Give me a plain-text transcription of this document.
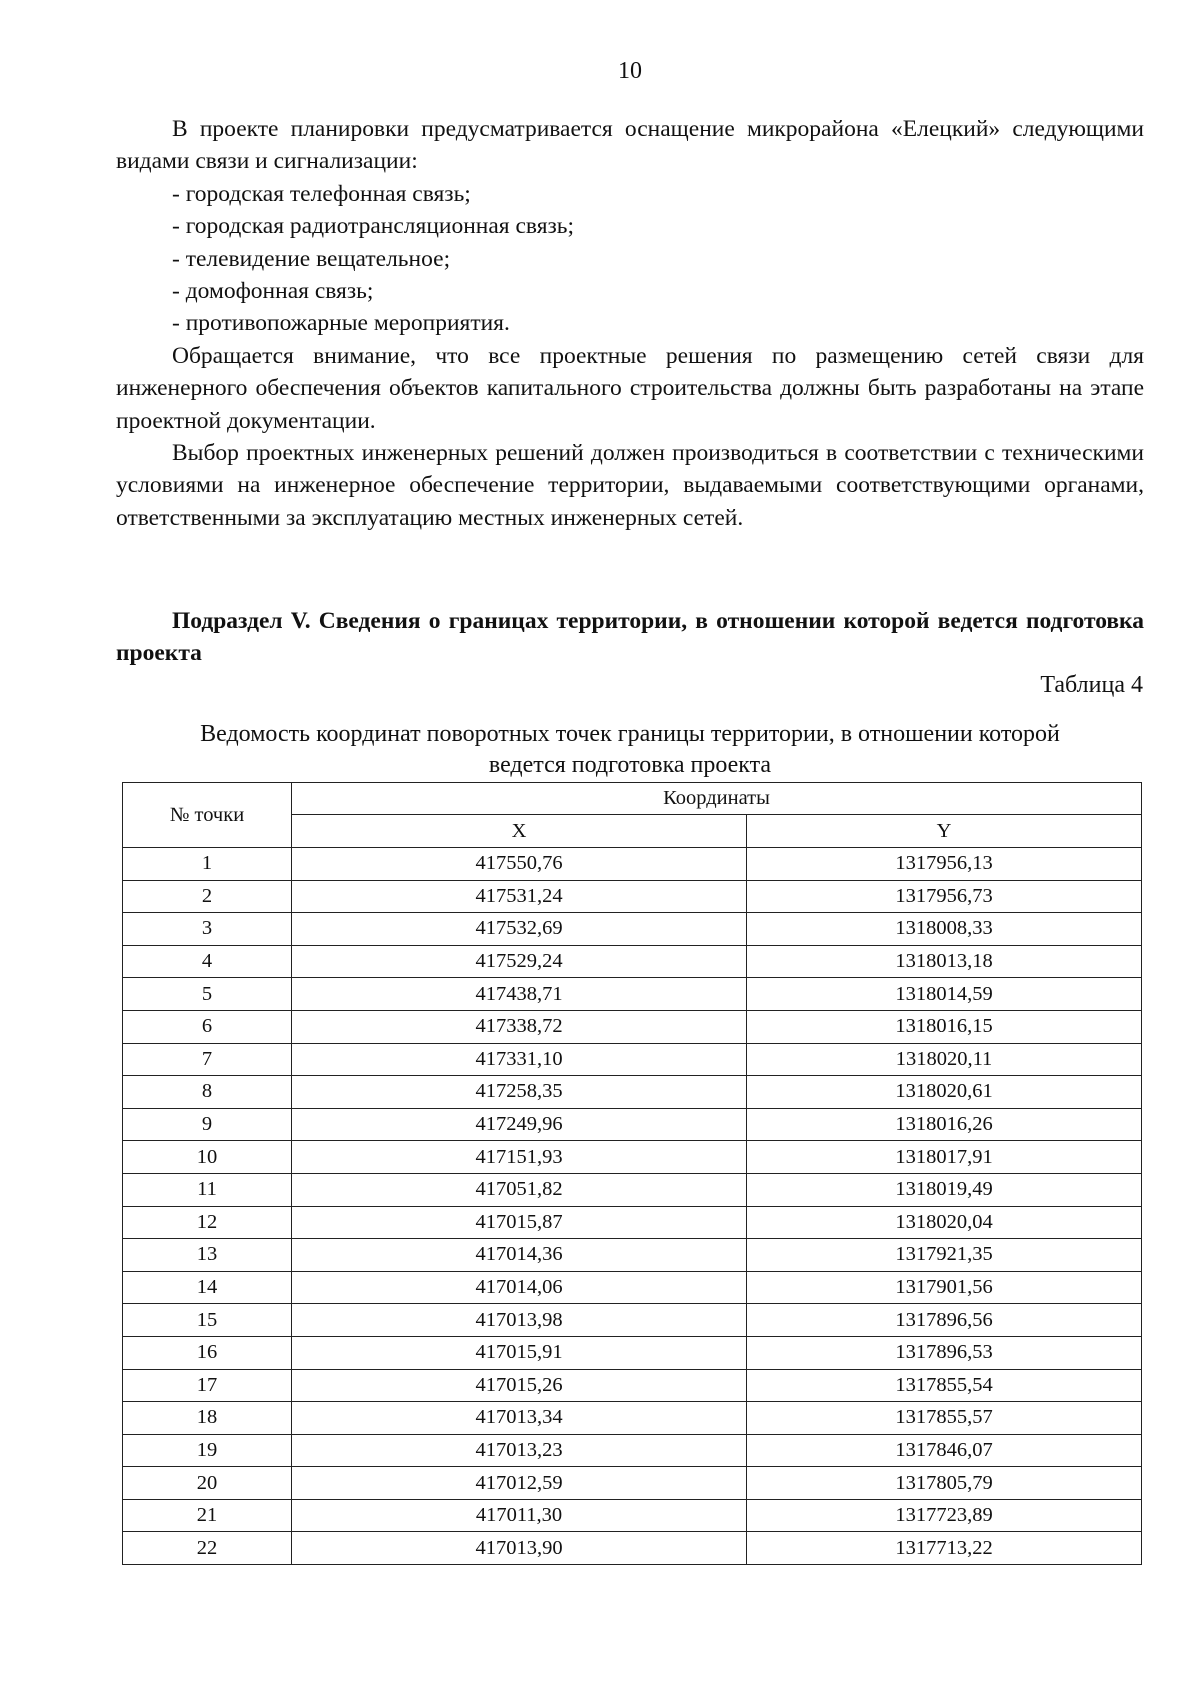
10

В проекте планировки предусматривается оснащение микрорайона «Елецкий» следующими видами связи и сигнализации:

- городская телефонная связь;
- городская радиотрансляционная связь;
- телевидение вещательное;
- домофонная связь;
- противопожарные мероприятия.

Обращается внимание, что все проектные решения по размещению сетей связи для инженерного обеспечения объектов капитального строительства должны быть разработаны на этапе проектной документации.

Выбор проектных инженерных решений должен производиться в соответствии с техническими условиями на инженерное обеспечение территории, выдаваемыми соответствующими органами, ответственными за эксплуатацию местных инженерных сетей.

Подраздел V. Сведения о границах территории, в отношении которой ведется подготовка проекта
Таблица 4
Ведомость координат поворотных точек границы территории, в отношении которой ведется подготовка проекта
№ точки	Координаты	
	X	Y
1	417550,76	1317956,13
2	417531,24	1317956,73
3	417532,69	1318008,33
4	417529,24	1318013,18
5	417438,71	1318014,59
6	417338,72	1318016,15
7	417331,10	1318020,11
8	417258,35	1318020,61
9	417249,96	1318016,26
10	417151,93	1318017,91
11	417051,82	1318019,49
12	417015,87	1318020,04
13	417014,36	1317921,35
14	417014,06	1317901,56
15	417013,98	1317896,56
16	417015,91	1317896,53
17	417015,26	1317855,54
18	417013,34	1317855,57
19	417013,23	1317846,07
20	417012,59	1317805,79
21	417011,30	1317723,89
22	417013,90	1317713,22
